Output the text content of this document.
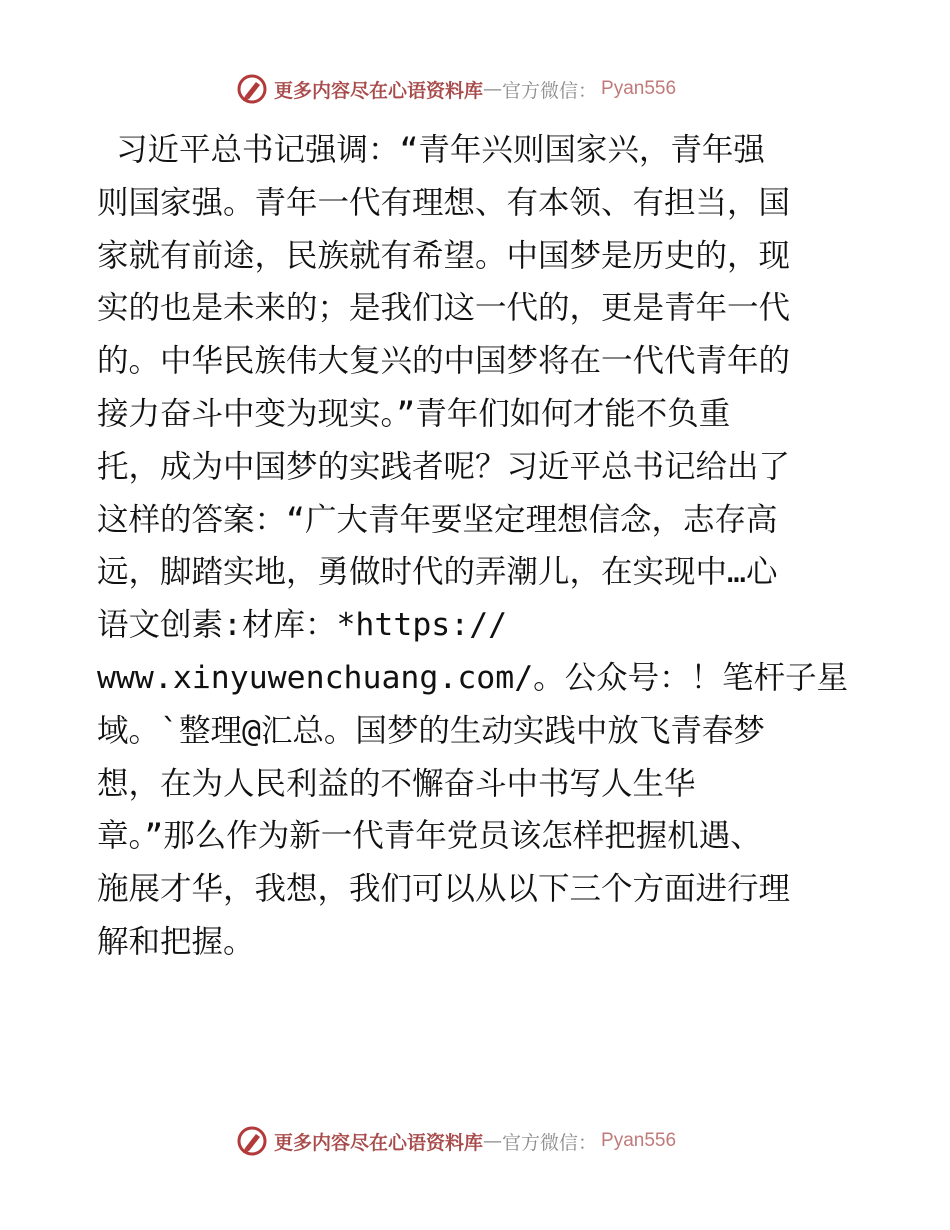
更多内容尽在心语资料库 — 官方微信： Pyan556
习近平总书记强调：“青年兴则国家兴，青年强
则国家强。青年一代有理想、有本领、有担当，国
家就有前途，民族就有希望。中国梦是历史的，现
实的也是未来的；是我们这一代的，更是青年一代
的。中华民族伟大复兴的中国梦将在一代代青年的
接力奋斗中变为现实。”青年们如何才能不负重
托，成为中国梦的实践者呢？习近平总书记给出了
这样的答案：“广大青年要坚定理想信念，志存高
远，脚踏实地，勇做时代的弄潮儿，在实现中…心
语文创素:材库：*https://
www.xinyuwenchuang.com/。公众号：！笔杆子星
域。`整理@汇总。国梦的生动实践中放飞青春梦
想，在为人民利益的不懈奋斗中书写人生华
章。”那么作为新一代青年党员该怎样把握机遇、
施展才华，我想，我们可以从以下三个方面进行理
解和把握。
更多内容尽在心语资料库 — 官方微信： Pyan556
